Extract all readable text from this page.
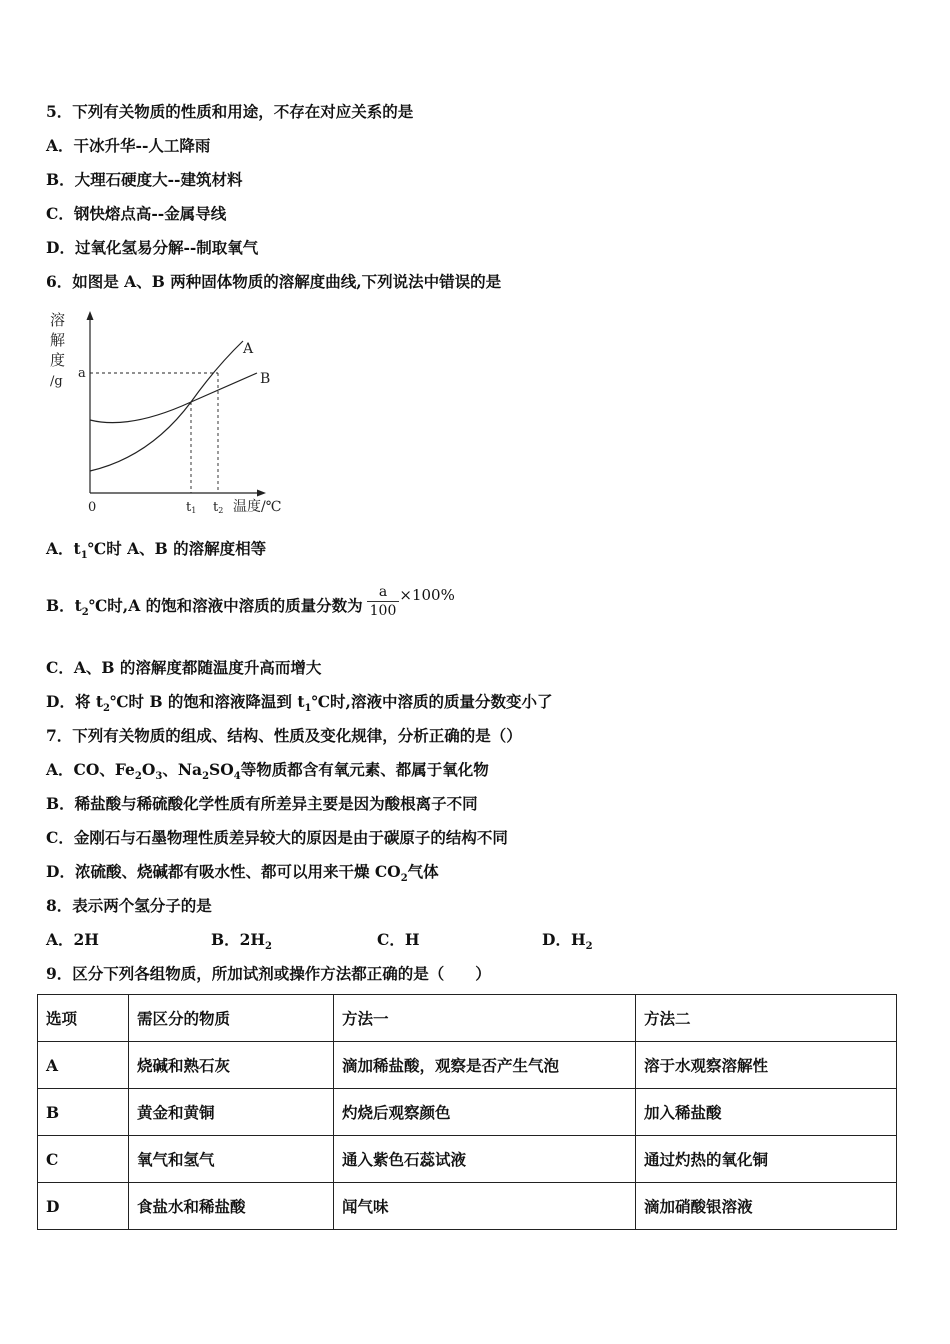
5．下列有关物质的性质和用途，不存在对应关系的是
A．干冰升华--人工降雨
B．大理石硬度大--建筑材料
C．钢快熔点高--金属导线
D．过氧化氢易分解--制取氧气
6．如图是 A、B 两种固体物质的溶解度曲线,下列说法中错误的是
溶
解
度
/g
a
A
B
0	t1 t2 温度/℃
A．$t_1℃$时 A、B 的溶解度相等
B．$t_2℃$时,A 的饱和溶液中溶质的质量分数为 $\frac{a}{100} \times 100\%$
C．A、B 的溶解度都随温度升高而增大
D．将 $t_2℃$时 B 的饱和溶液降温到 $t_1℃$时,溶液中溶质的质量分数变小了
7．下列有关物质的组成、结构、性质及变化规律，分析正确的是（）
A．CO、$Fe_2O_3$、$Na_2SO_4$等物质都含有氧元素、都属于氧化物
B．稀盐酸与稀硫酸化学性质有所差异主要是因为酸根离子不同
C．金刚石与石墨物理性质差异较大的原因是由于碳原子的结构不同
D．浓硫酸、烧碱都有吸水性、都可以用来干燥 $CO_2$气体
8．表示两个氢分子的是
A．2H	B．$2H_2$	C．H	D．$H_2$
9．区分下列各组物质，所加试剂或操作方法都正确的是（　　）
选项	需区分的物质	方法一	方法二
A	烧碱和熟石灰	滴加稀盐酸，观察是否产生气泡	溶于水观察溶解性
B	黄金和黄铜	灼烧后观察颜色	加入稀盐酸
C	氧气和氢气	通入紫色石蕊试液	通过灼热的氧化铜
D	食盐水和稀盐酸	闻气味	滴加硝酸银溶液
